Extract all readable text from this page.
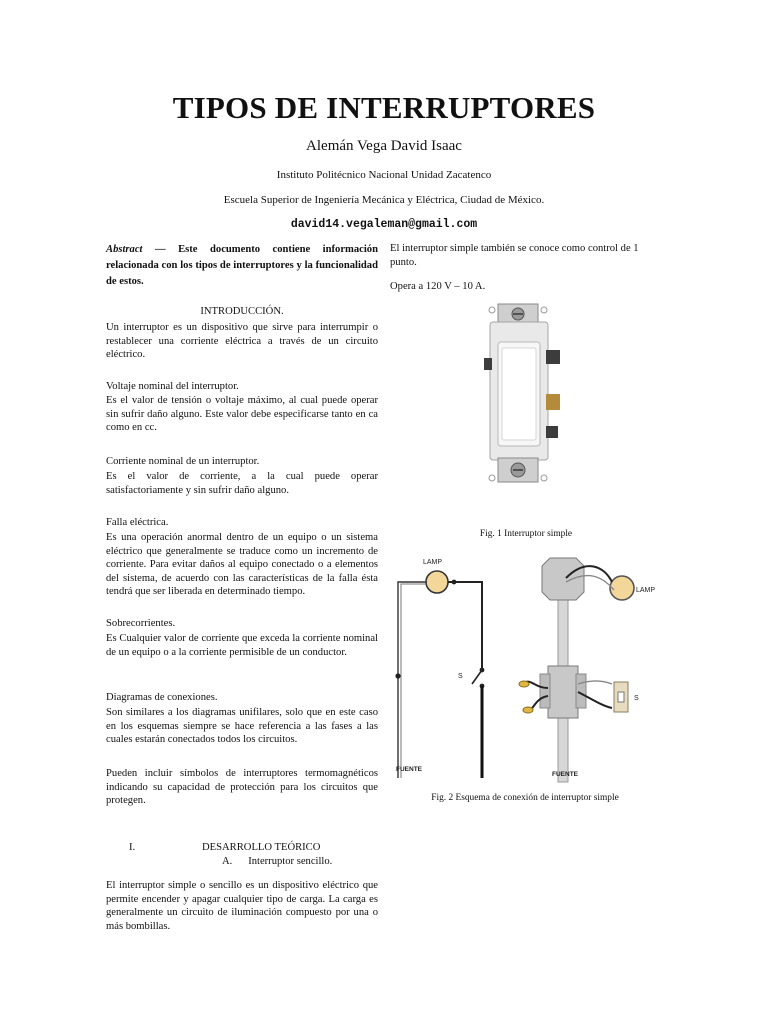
TIPOS DE INTERRUPTORES
Alemán Vega David Isaac
Instituto Politécnico Nacional Unidad Zacatenco
Escuela Superior de Ingeniería Mecánica y Eléctrica, Ciudad de México.
david14.vegaleman@gmail.com

Abstract — Este documento contiene información relacionada con los tipos de interruptores y la funcionalidad de estos.

INTRODUCCIÓN.

Un interruptor es un dispositivo que sirve para interrumpir o restablecer una corriente eléctrica a través de un circuito eléctrico.

Voltaje nominal del interruptor.

Es el valor de tensión o voltaje máximo, al cual puede operar sin sufrir daño alguno. Este valor debe especificarse tanto en ca como en cc.

Corriente nominal de un interruptor.

Es el valor de corriente, a la cual puede operar satisfactoriamente y sin sufrir daño alguno.

Falla eléctrica.

Es una operación anormal dentro de un equipo o un sistema eléctrico que generalmente se traduce como un incremento de corriente. Para evitar daños al equipo conectado o a elementos del sistema, de acuerdo con las características de la falla ésta tendrá que ser liberada en determinado tiempo.

Sobrecorrientes.

Es Cualquier valor de corriente que exceda la corriente nominal de un equipo o a la corriente permisible de un conductor.

Diagramas de conexiones.

Son similares a los diagramas unifilares, solo que en este caso en los esquemas siempre se hace referencia a las fases a las cuales estarán conectados todos los circuitos.

Pueden incluir símbolos de interruptores termomagnéticos indicando su capacidad de protección para los circuitos que protegen.

I.	DESARROLLO TEÓRICO

A.      Interruptor sencillo.

El interruptor simple o sencillo es un dispositivo eléctrico que permite encender y apagar cualquier tipo de carga. La carga es generalmente un circuito de iluminación compuesto por una o más bombillas.

El interruptor simple también se conoce como control de 1 punto.

Opera a 120 V – 10 A.

Fig. 1 Interruptor simple

LAMP
LAMP
S
S
FUENTE
FUENTE

Fig. 2 Esquema de conexión de interruptor simple
